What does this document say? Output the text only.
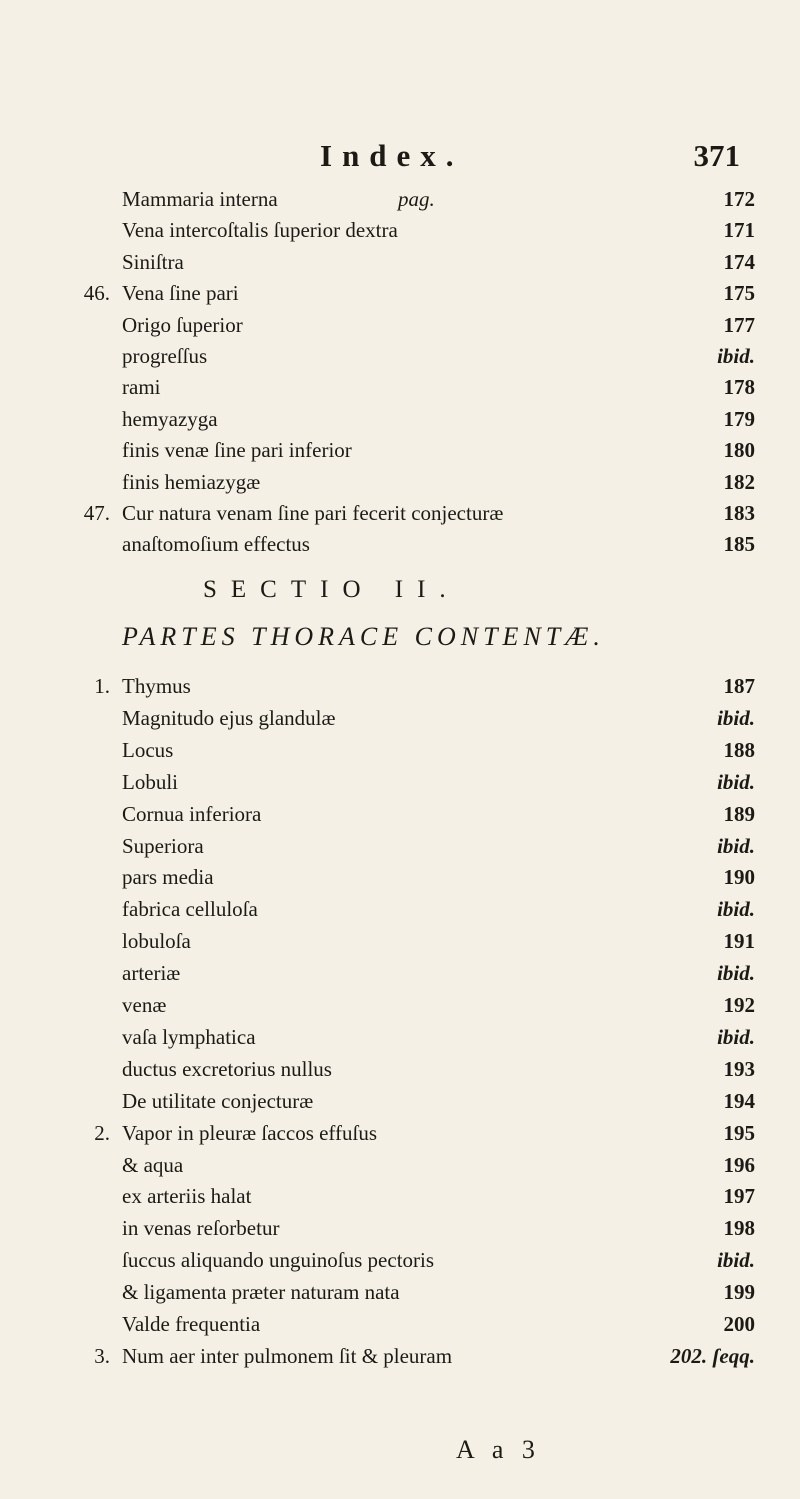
Index.	371
Mammaria interna	pag.	172
Vena intercoſtalis ſuperior dextra	171
Siniſtra	174
46. Vena ſine pari	175
Origo ſuperior	177
progreſſus	ibid.
rami	178
hemyazyga	179
finis venæ ſine pari inferior	180
finis hemiazygæ	182
47. Cur natura venam ſine pari fecerit conjecturæ	183
anaſtomoſium effectus	185
SECTIO II.
PARTES THORACE CONTENTÆ.
1. Thymus	187
Magnitudo ejus glandulæ	ibid.
Locus	188
Lobuli	ibid.
Cornua inferiora	189
Superiora	ibid.
pars media	190
fabrica celluloſa	ibid.
lobuloſa	191
arteriæ	ibid.
venæ	192
vaſa lymphatica	ibid.
ductus excretorius nullus	193
De utilitate conjecturæ	194
2. Vapor in pleuræ ſaccos effuſus	195
& aqua	196
ex arteriis halat	197
in venas reſorbetur	198
ſuccus aliquando unguinoſus pectoris	ibid.
& ligamenta præter naturam nata	199
Valde frequentia	200
3. Num aer inter pulmonem ſit & pleuram	202. ſeqq.
A a 3
